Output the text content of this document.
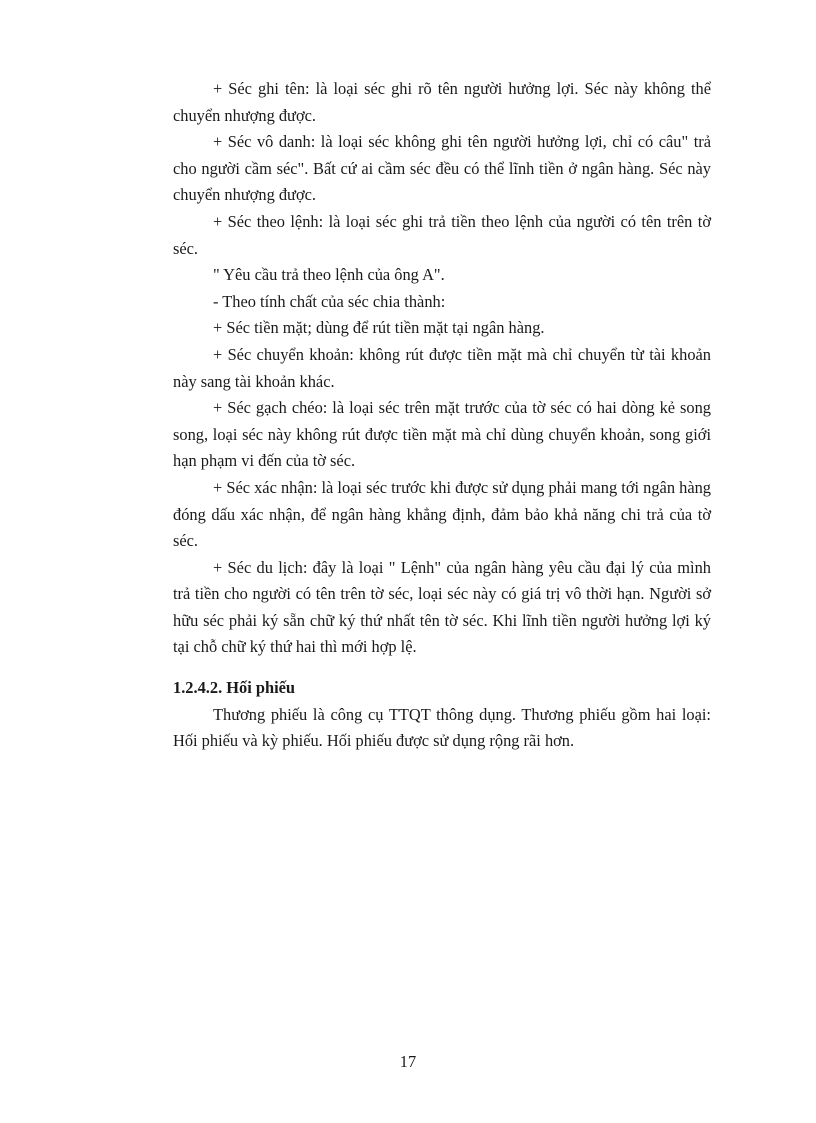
+ Séc ghi tên: là loại séc ghi rõ tên người hưởng lợi. Séc này không thể chuyển nhượng được.

+ Séc vô danh: là loại séc không ghi tên người hưởng lợi, chỉ có câu" trả cho người cầm séc". Bất cứ ai cầm séc đều có thể lĩnh tiền ở ngân hàng. Séc này chuyển nhượng được.

+ Séc theo lệnh: là loại séc ghi trả tiền theo lệnh của người có tên trên tờ séc.

" Yêu cầu trả theo lệnh của ông A".

- Theo tính chất của séc chia thành:

+ Séc tiền mặt; dùng để rút tiền mặt tại ngân hàng.

+ Séc chuyển khoản: không rút được tiền mặt mà chỉ chuyển từ tài khoản này sang tài khoản khác.

+ Séc gạch chéo: là loại séc trên mặt trước của tờ séc có hai dòng kẻ song song, loại séc này không rút được tiền mặt mà chỉ dùng chuyển khoản, song giới hạn phạm vi đến của tờ séc.

+ Séc xác nhận: là loại séc trước khi được sử dụng phải mang tới ngân hàng đóng dấu xác nhận, để ngân hàng khẳng định, đảm bảo khả năng chi trả của tờ séc.

+ Séc du lịch: đây là loại " Lệnh" của ngân hàng yêu cầu đại lý của mình trả tiền cho người có tên trên tờ séc, loại séc này có giá trị vô thời hạn. Người sở hữu séc phải ký sẵn chữ ký thứ nhất tên tờ séc. Khi lĩnh tiền người hưởng lợi ký tại chỗ chữ ký thứ hai thì mới hợp lệ.

1.2.4.2. Hối phiếu

Thương phiếu là công cụ TTQT thông dụng. Thương phiếu gồm hai loại: Hối phiếu và kỳ phiếu. Hối phiếu được sử dụng rộng rãi hơn.

17
